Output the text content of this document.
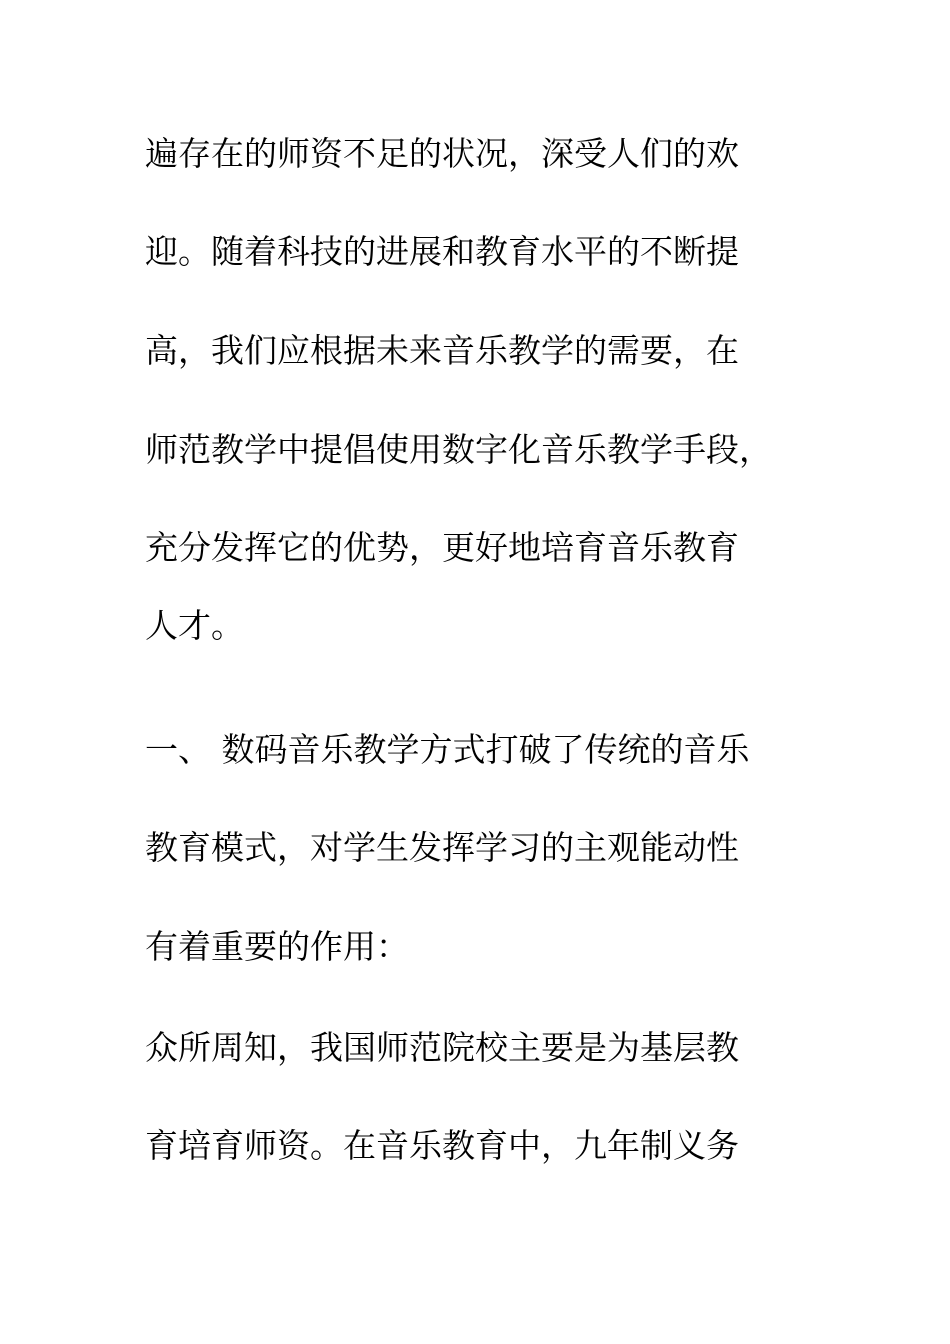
遍存在的师资不足的状况，深受人们的欢
迎。随着科技的进展和教育水平的不断提
高，我们应根据未来音乐教学的需要，在
师范教学中提倡使用数字化音乐教学手段，
充分发挥它的优势，更好地培育音乐教育
人才。
一、 数码音乐教学方式打破了传统的音乐
教育模式，对学生发挥学习的主观能动性
有着重要的作用：
众所周知，我国师范院校主要是为基层教
育培育师资。在音乐教育中，九年制义务
